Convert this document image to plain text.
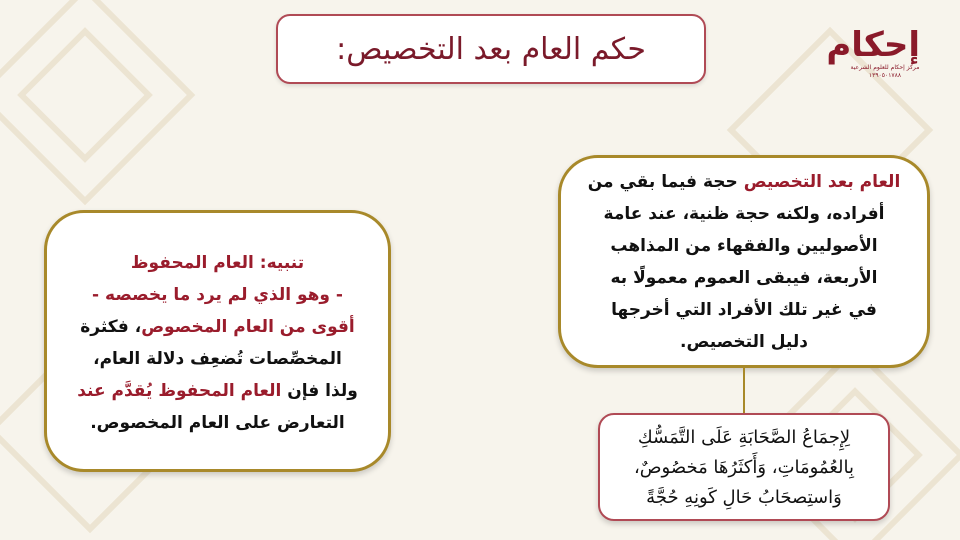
حكم العام بعد التخصيص:	إحكام
مركز إحكام للعلوم الشرعية
١٣٩٠٥٠١٧٨٨
العام بعد التخصيص حجة فيما بقي من
أفراده، ولكنه حجة ظنية، عند عامة
الأصوليين والفقهاء من المذاهب
الأربعة، فيبقى العموم معمولًا به
في غير تلك الأفراد التي أخرجها
دليل التخصيص.
لِإِجمَاعُ الصَّحَابَةِ عَلَى التَّمَسُّكِ
بِالعُمُومَاتِ، وَأَكثَرُهَا مَخصُوصٌ،
وَاستِصحَابُ حَالِ كَونِهِ حُجَّةً
تنبيه: العام المحفوظ
- وهو الذي لم يرد ما يخصصه -
أقوى من العام المخصوص، فكثرة
المخصِّصات تُضعِف دلالة العام،
ولذا فإن العام المحفوظ يُقدَّم عند
التعارض على العام المخصوص.
